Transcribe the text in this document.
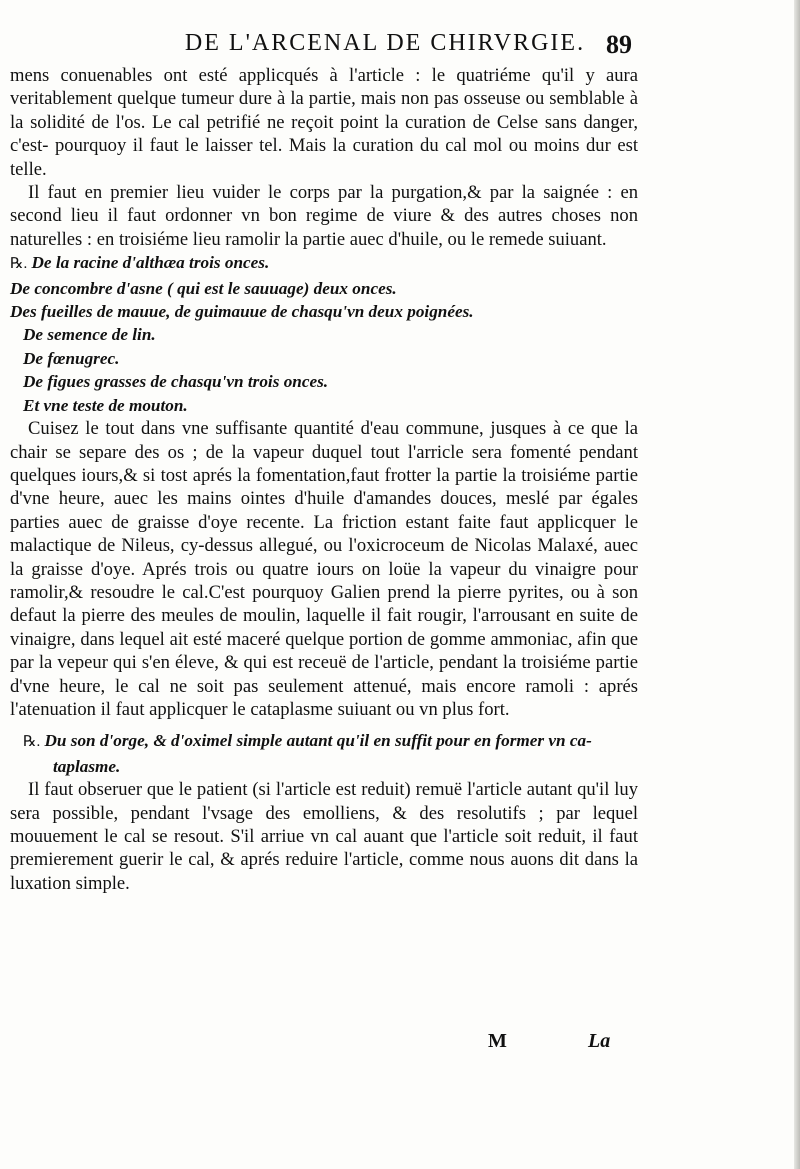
DE L'ARCENAL DE CHIRVRGIE. 89

mens conuenables ont esté applicqués à l'article : le quatriéme qu'il y aura veritablement quelque tumeur dure à la partie, mais non pas osseuse ou semblable à la solidité de l'os. Le cal petrifié ne reçoit point la curation de Celse sans danger, c'est- pourquoy il faut le laisser tel. Mais la curation du cal mol ou moins dur est telle.

Il faut en premier lieu vuider le corps par la purgation,& par la saignée : en second lieu il faut ordonner vn bon regime de viure & des autres choses non naturelles : en troisiéme lieu ramolir la partie auec d'huile, ou le remede suiuant.

℞. De la racine d'althæa trois onces.

De concombre d'asne ( qui est le sauuage) deux onces.

Des fueilles de mauue, de guimauue de chasqu'vn deux poignées.

De semence de lin.

De fœnugrec.

De figues grasses de chasqu'vn trois onces.

Et vne teste de mouton.

Cuisez le tout dans vne suffisante quantité d'eau commune, jusques à ce que la chair se separe des os ; de la vapeur duquel tout l'arricle sera fomenté pendant quelques iours,& si tost aprés la fomentation,faut frotter la partie la troisiéme partie d'vne heure, auec les mains ointes d'huile d'amandes douces, meslé par égales parties auec de graisse d'oye recente. La friction estant faite faut applicquer le malactique de Nileus, cy-dessus allegué, ou l'oxicroceum de Nicolas Malaxé, auec la graisse d'oye. Aprés trois ou quatre iours on loüe la vapeur du vinaigre pour ramolir,& resoudre le cal.C'est pourquoy Galien prend la pierre pyrites, ou à son defaut la pierre des meules de moulin, laquelle il fait rougir, l'arrousant en suite de vinaigre, dans lequel ait esté maceré quelque portion de gomme ammoniac, afin que par la vepeur qui s'en éleve, & qui est receuë de l'article, pendant la troisiéme partie d'vne heure, le cal ne soit pas seulement attenué, mais encore ramoli : aprés l'atenuation il faut applicquer le cataplasme suiuant ou vn plus fort.

℞. Du son d'orge, & d'oximel simple autant qu'il en suffit pour en former vn ca-
taplasme.

Il faut obseruer que le patient (si l'article est reduit) remuë l'article autant qu'il luy sera possible, pendant l'vsage des emolliens, & des resolutifs ; par lequel mouuement le cal se resout. S'il arriue vn cal auant que l'article soit reduit, il faut premierement guerir le cal, & aprés reduire l'article, comme nous auons dit dans la luxation simple.

M	La
